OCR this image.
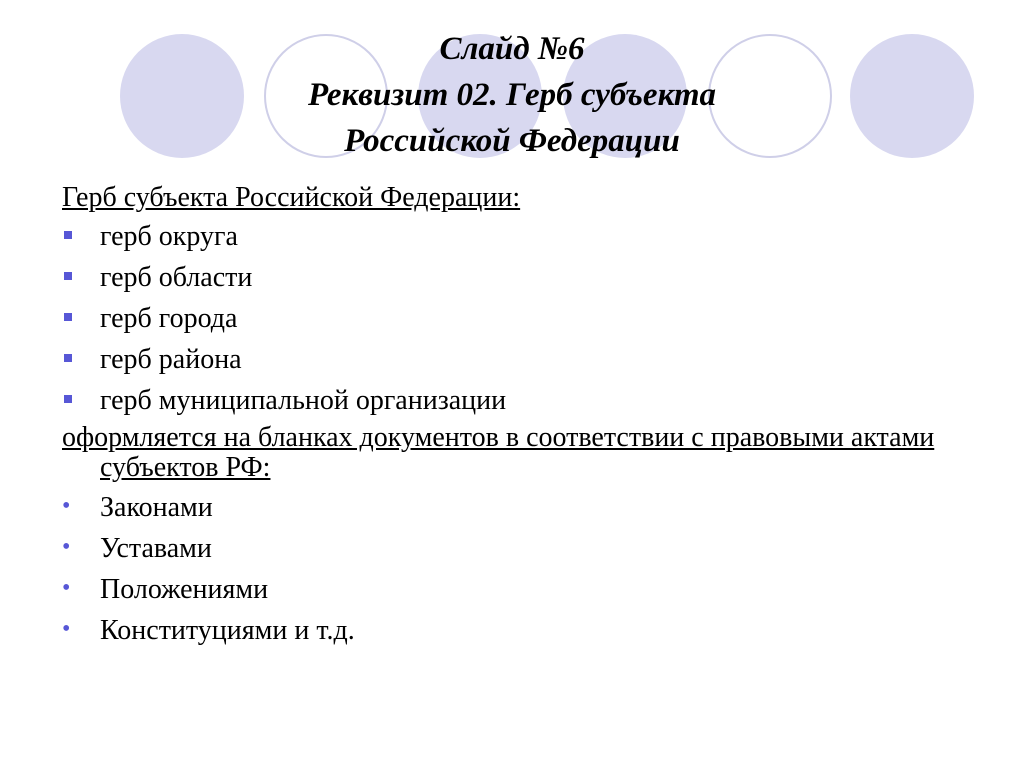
Слайд №6
Реквизит 02. Герб субъекта
Российской Федерации

Герб субъекта Российской Федерации:

герб округа
герб области
герб города
герб района
герб муниципальной организации

оформляется на бланках документов в соответствии с правовыми актами субъектов РФ:

• Законами
• Уставами
• Положениями
• Конституциями и т.д.
